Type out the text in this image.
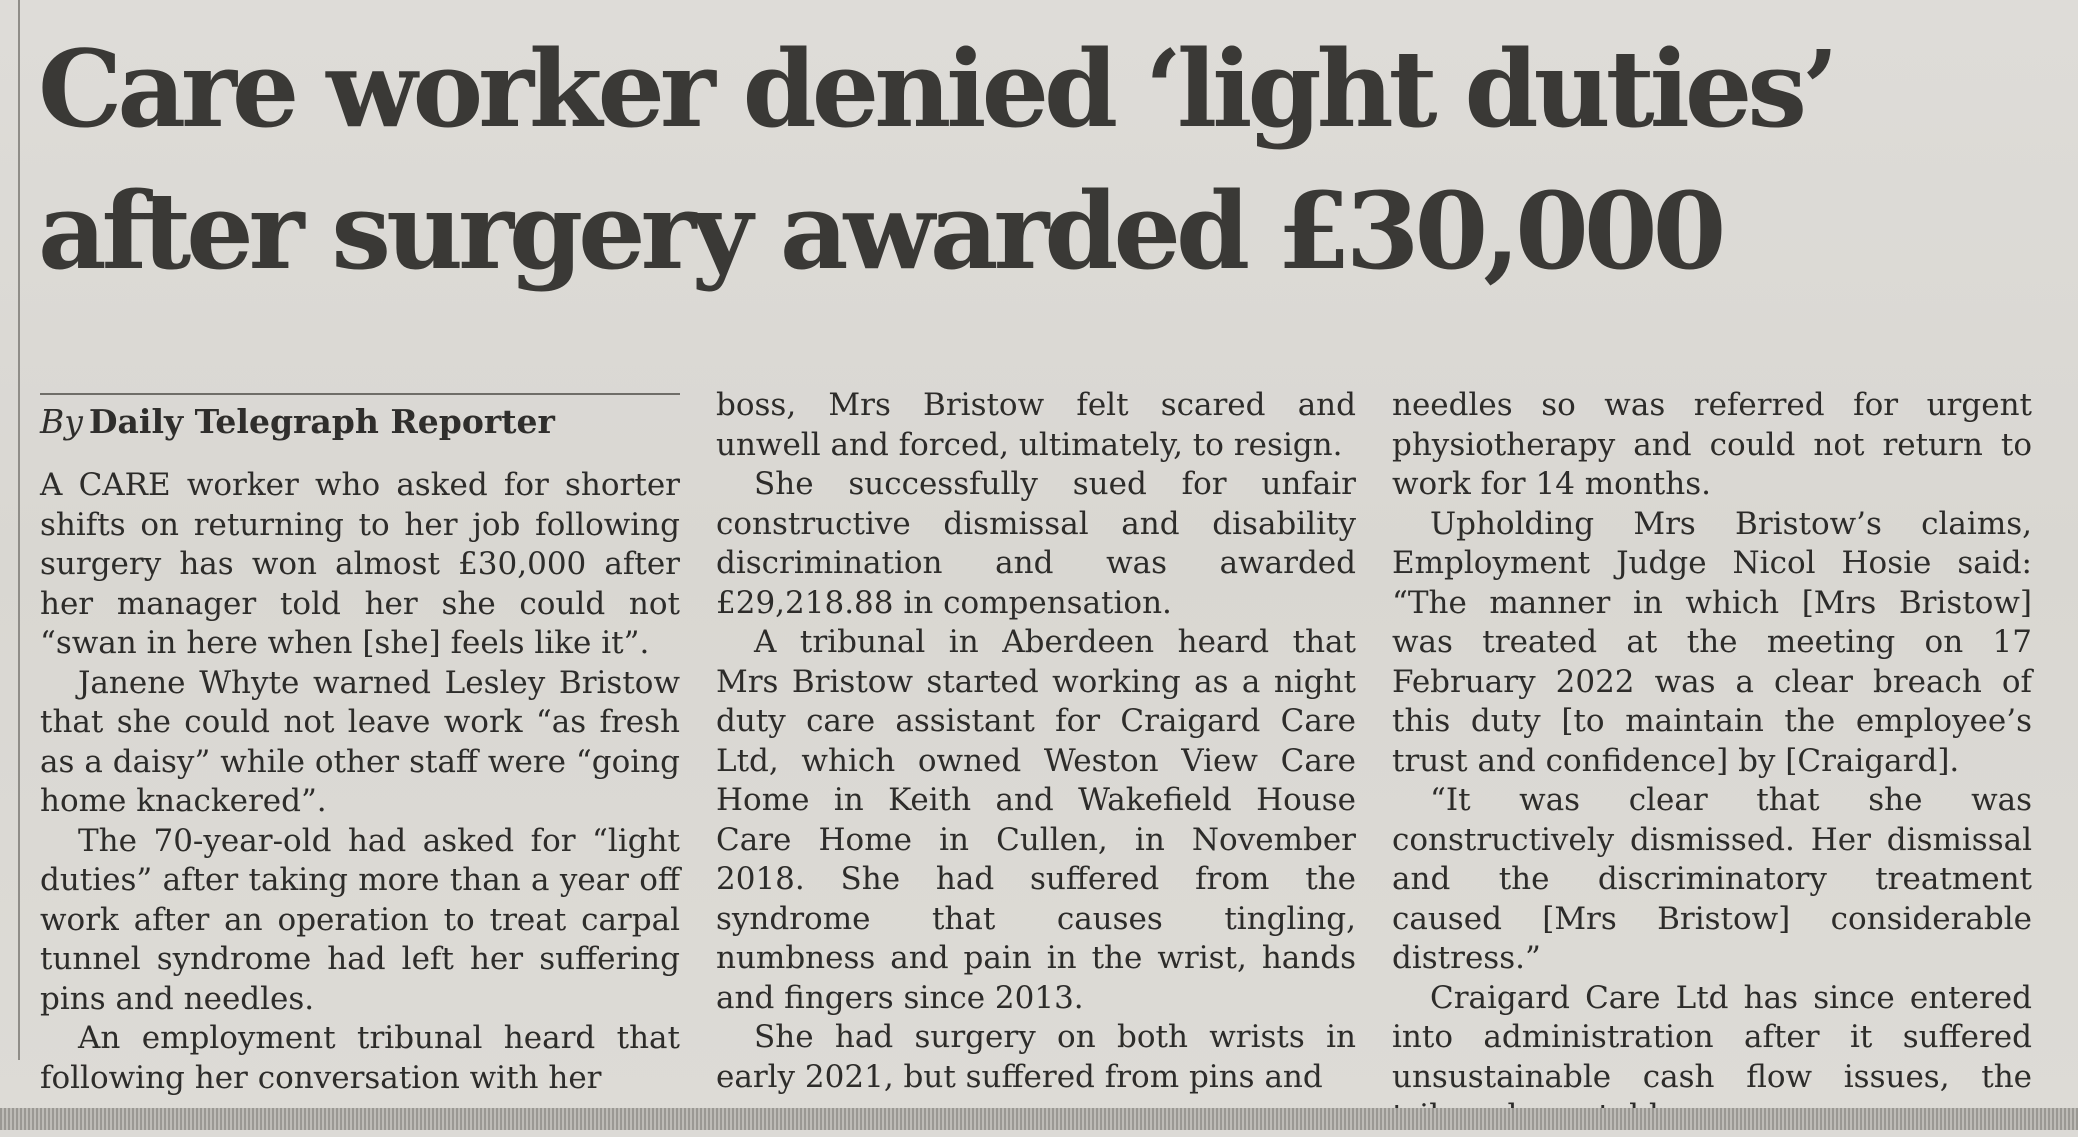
Care worker denied ‘light duties’
after surgery awarded £30,000
By Daily Telegraph Reporter

A CARE worker who asked for shorter shifts on returning to her job following surgery has won almost £30,000 after her manager told her she could not “swan in here when [she] feels like it”.

Janene Whyte warned Lesley Bristow that she could not leave work “as fresh as a daisy” while other staff were “going home knackered”.

The 70-year-old had asked for “light duties” after taking more than a year off work after an operation to treat carpal tunnel syndrome had left her suffering pins and needles.

An employment tribunal heard that following her conversation with her

boss, Mrs Bristow felt scared and unwell and forced, ultimately, to resign.

She successfully sued for unfair constructive dismissal and disability discrimination and was awarded £29,218.88 in compensation.

A tribunal in Aberdeen heard that Mrs Bristow started working as a night duty care assistant for Craigard Care Ltd, which owned Weston View Care Home in Keith and Wakefield House Care Home in Cullen, in November 2018. She had suffered from the syndrome that causes tingling, numbness and pain in the wrist, hands and fingers since 2013.

She had surgery on both wrists in early 2021, but suffered from pins and

needles so was referred for urgent physiotherapy and could not return to work for 14 months.

Upholding Mrs Bristow’s claims, Employment Judge Nicol Hosie said: “The manner in which [Mrs Bristow] was treated at the meeting on 17 February 2022 was a clear breach of this duty [to maintain the employee’s trust and confidence] by [Craigard].

“It was clear that she was constructively dismissed. Her dismissal and the discriminatory treatment caused [Mrs Bristow] considerable distress.”

Craigard Care Ltd has since entered into administration after it suffered unsustainable cash flow issues, the
